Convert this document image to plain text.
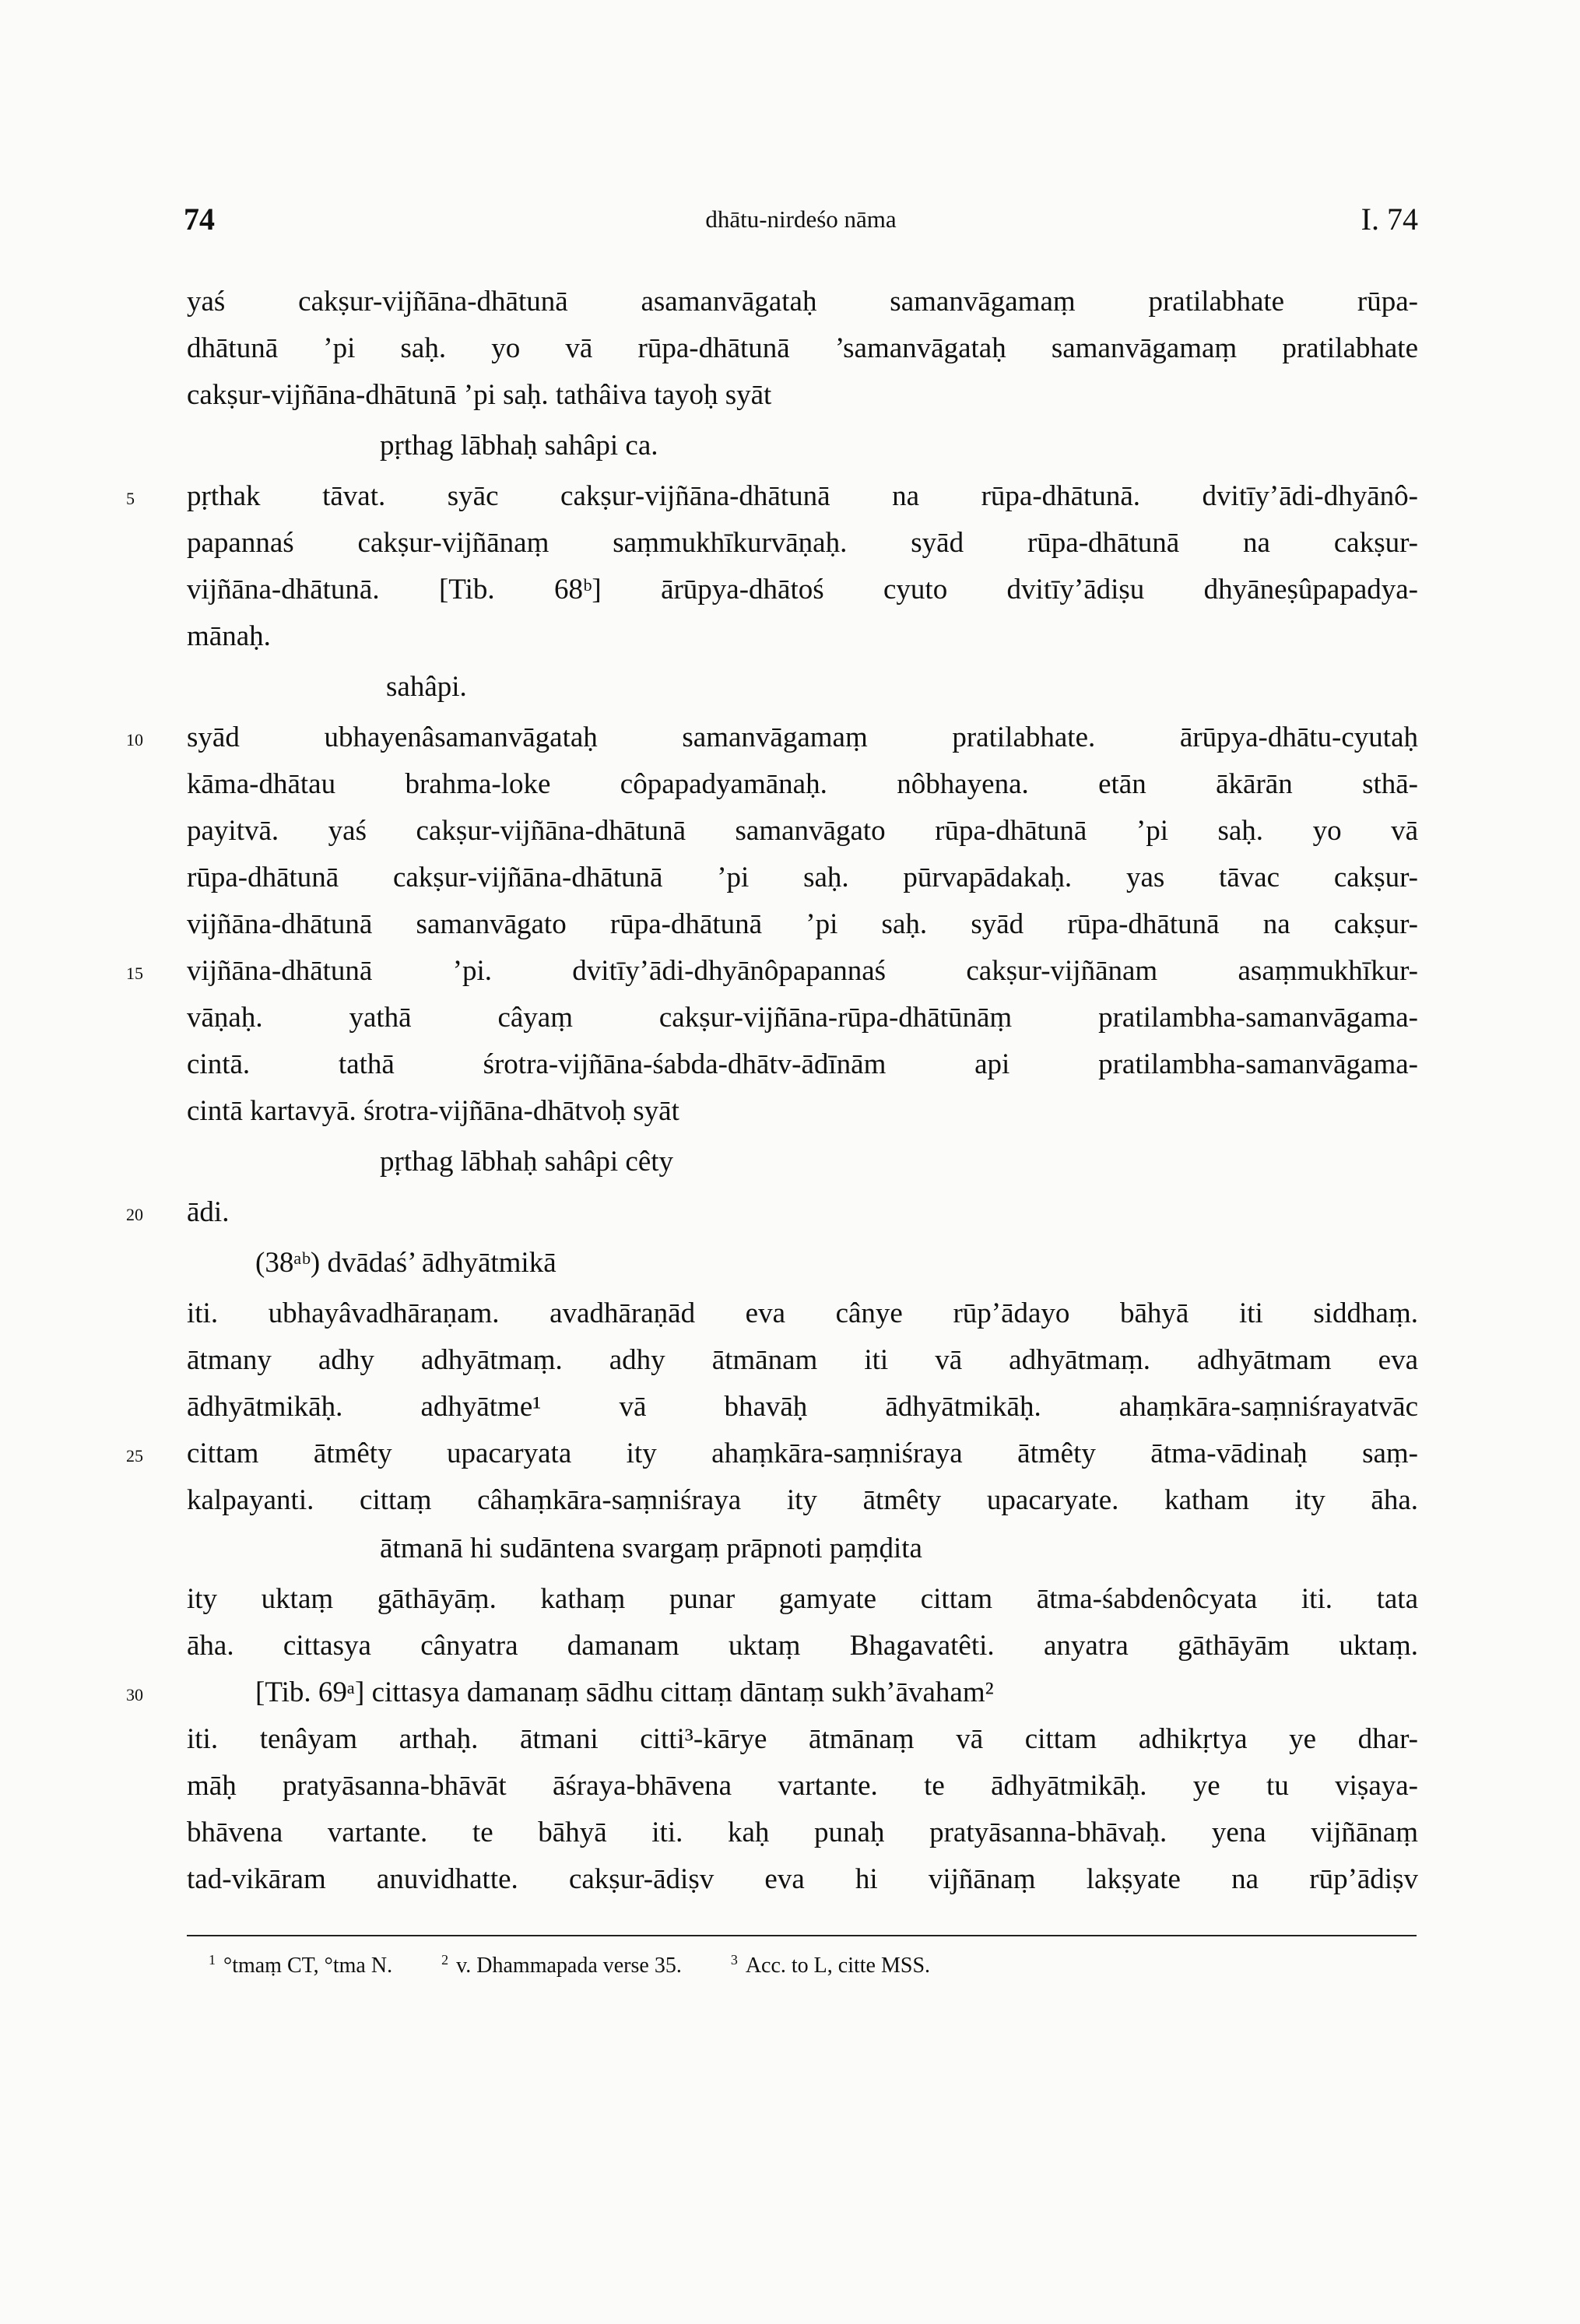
74	dhātu-nirdeśo nāma	I. 74
yaś cakṣur-vijñāna-dhātunā asamanvāgataḥ samanvāgamaṃ pratilabhate rūpa-
dhātunā ’pi saḥ. yo vā rūpa-dhātunā ’samanvāgataḥ samanvāgamaṃ pratilabhate
cakṣur-vijñāna-dhātunā ’pi saḥ. tathâiva tayoḥ syāt
pṛthag lābhaḥ sahâpi ca.
pṛthak tāvat. syāc cakṣur-vijñāna-dhātunā na rūpa-dhātunā. dvitīy’ādi-dhyānô-
papannaś cakṣur-vijñānaṃ saṃmukhīkurvāṇaḥ. syād rūpa-dhātunā na cakṣur-
vijñāna-dhātunā. [Tib. 68ᵇ] ārūpya-dhātoś cyuto dvitīy’ādiṣu dhyāneṣûpapadya-
mānaḥ.
sahâpi.
syād ubhayenâsamanvāgataḥ samanvāgamaṃ pratilabhate. ārūpya-dhātu-cyutaḥ
kāma-dhātau brahma-loke côpapadyamānaḥ. nôbhayena. etān ākārān sthā-
payitvā. yaś cakṣur-vijñāna-dhātunā samanvāgato rūpa-dhātunā ’pi saḥ. yo vā
rūpa-dhātunā cakṣur-vijñāna-dhātunā ’pi saḥ. pūrvapādakaḥ. yas tāvac cakṣur-
vijñāna-dhātunā samanvāgato rūpa-dhātunā ’pi saḥ. syād rūpa-dhātunā na cakṣur-
vijñāna-dhātunā ’pi. dvitīy’ādi-dhyānôpapannaś cakṣur-vijñānam asaṃmukhīkur-
vāṇaḥ. yathā câyaṃ cakṣur-vijñāna-rūpa-dhātūnāṃ pratilambha-samanvāgama-
cintā. tathā śrotra-vijñāna-śabda-dhātv-ādīnām api pratilambha-samanvāgama-
cintā kartavyā. śrotra-vijñāna-dhātvoḥ syāt
pṛthag lābhaḥ sahâpi cêty
ādi.
(38ᵃᵇ) dvādaś’ ādhyātmikā
iti. ubhayâvadhāraṇam. avadhāraṇād eva cânye rūp’ādayo bāhyā iti siddhaṃ.
ātmany adhy adhyātmaṃ. adhy ātmānam iti vā adhyātmaṃ. adhyātmam eva
ādhyātmikāḥ. adhyātme¹ vā bhavāḥ ādhyātmikāḥ. ahaṃkāra-saṃniśrayatvāc
cittam ātmêty upacaryata ity ahaṃkāra-saṃniśraya ātmêty ātma-vādinaḥ saṃ-
kalpayanti. cittaṃ câhaṃkāra-saṃniśraya ity ātmêty upacaryate. katham ity āha.
ātmanā hi sudāntena svargaṃ prāpnoti paṃḍita
ity uktaṃ gāthāyāṃ. kathaṃ punar gamyate cittam ātma-śabdenôcyata iti. tata
āha. cittasya cânyatra damanam uktaṃ Bhagavatêti. anyatra gāthāyām uktaṃ.
[Tib. 69ᵃ] cittasya damanaṃ sādhu cittaṃ dāntaṃ sukh’āvaham²
iti. tenâyam arthaḥ. ātmani citti³-kārye ātmānaṃ vā cittam adhikṛtya ye dhar-
māḥ pratyāsanna-bhāvāt āśraya-bhāvena vartante. te ādhyātmikāḥ. ye tu viṣaya-
bhāvena vartante. te bāhyā iti. kaḥ punaḥ pratyāsanna-bhāvaḥ. yena vijñānaṃ
tad-vikāram anuvidhatte. cakṣur-ādiṣv eva hi vijñānaṃ lakṣyate na rūp’ādiṣv
5
10
15
20
25
30
$^1$ °tmaṃ CT, °tma N.	$^2$ v. Dhammapada verse 35.	$^3$ Acc. to L, citte MSS.
